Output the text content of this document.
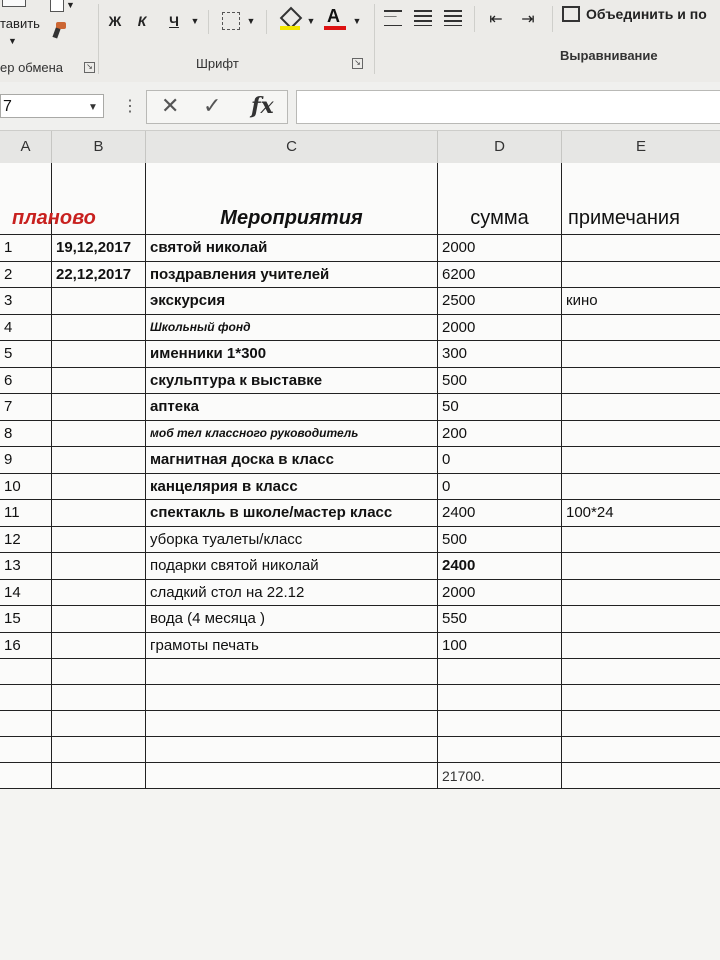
тавить
▼
▼
ер обмена	↘
Ж К Ч	▼	▼	▼ A ▼
Шрифт	↘
⇤	⇥	Объединить и по
Выравнивание
7	▼ ⋮ ✕ ✓ fx
A	B	C	D	E
планово	Мероприятия	сумма	примечания
1	19,12,2017	святой николай	2000
2	22,12,2017	поздравления учителей	6200
3	экскурсия	2500	кино
4	Школьный фонд	2000
5	именники 1*300	300
6	скульптура к выставке	500
7	аптека	50
8	моб тел классного руководитель	200
9	магнитная доска в класс	0
10	канцелярия в класс	0
11	спектакль в школе/мастер класс	2400	100*24
12	уборка туалеты/класс	500
13	подарки святой николай	2400
14	сладкий стол на 22.12	2000
15	вода (4 месяца )	550
16	грамоты печать	100
21700.
